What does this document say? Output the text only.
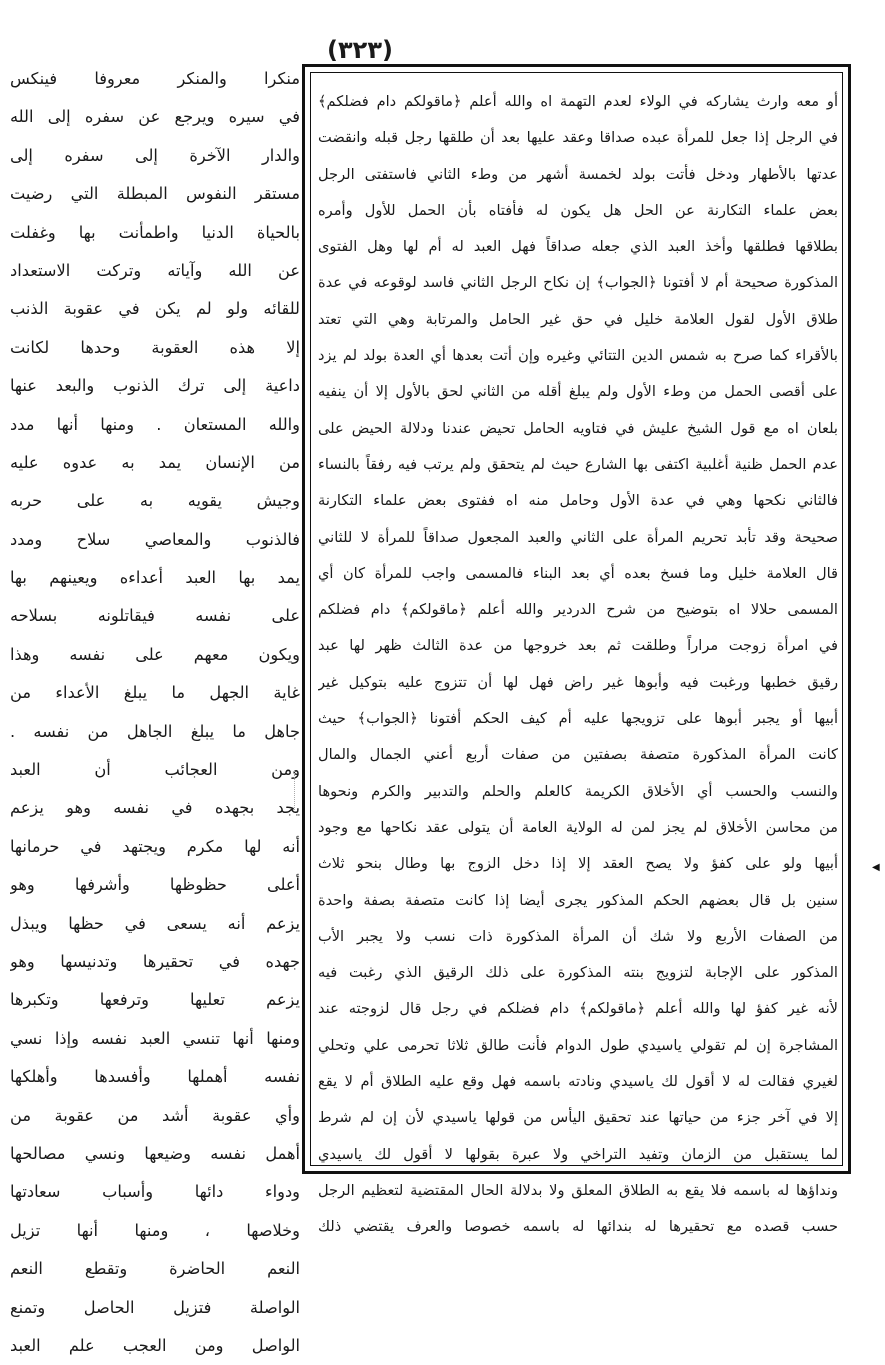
(٣٢٣)
أو معه وارث يشاركه في الولاء لعدم التهمة اه والله أعلم ﴿ماقولكم دام فضلكم﴾
في الرجل إذا جعل للمرأة عبده صداقا وعقد عليها بعد أن طلقها رجل قبله وانقضت
عدتها بالأطهار ودخل فأتت بولد لخمسة أشهر من وطء الثاني فاستفتى الرجل
بعض علماء التكارنة عن الحل هل يكون له فأفتاه بأن الحمل للأول وأمره
بطلاقها فطلقها وأخذ العبد الذي جعله صداقاً فهل العبد له أم لها وهل الفتوى
المذكورة صحيحة أم لا أفتونا ﴿الجواب﴾ إن نكاح الرجل الثاني فاسد لوقوعه في عدة
طلاق الأول لقول العلامة خليل في حق غير الحامل والمرتابة وهي التي تعتد
بالأقراء كما صرح به شمس الدين التتائي وغيره وإن أتت بعدها أي العدة بولد لم يزد
على أقصى الحمل من وطء الأول ولم يبلغ أقله من الثاني لحق بالأول إلا أن ينفيه
بلعان اه مع قول الشيخ عليش في فتاويه الحامل تحيض عندنا ودلالة الحيض على
عدم الحمل ظنية أغلبية اكتفى بها الشارع حيث لم يتحقق ولم يرتب فيه رفقاً بالنساء
فالثاني نكحها وهي في عدة الأول وحامل منه اه ففتوى بعض علماء التكارنة
صحيحة وقد تأبد تحريم المرأة على الثاني والعبد المجعول صداقاً للمرأة لا للثاني
قال العلامة خليل وما فسخ بعده أي بعد البناء فالمسمى واجب للمرأة كان أي
المسمى حلالا اه بتوضيح من شرح الدردير والله أعلم ﴿ماقولكم﴾ دام فضلكم
في امرأة زوجت مراراً وطلقت ثم بعد خروجها من عدة الثالث ظهر لها عبد
رقيق خطبها ورغبت فيه وأبوها غير راض فهل لها أن تتزوج عليه بتوكيل غير
أبيها أو يجبر أبوها على تزويجها عليه أم كيف الحكم أفتونا ﴿الجواب﴾ حيث
كانت المرأة المذكورة متصفة بصفتين من صفات أربع أعني الجمال والمال
والنسب والحسب أي الأخلاق الكريمة كالعلم والحلم والتدبير والكرم ونحوها
من محاسن الأخلاق لم يجز لمن له الولاية العامة أن يتولى عقد نكاحها مع وجود
أبيها ولو على كفؤ ولا يصح العقد إلا إذا دخل الزوج بها وطال بنحو ثلاث
سنين بل قال بعضهم الحكم المذكور يجرى أيضا إذا كانت متصفة بصفة واحدة
من الصفات الأربع ولا شك أن المرأة المذكورة ذات نسب ولا يجبر الأب
المذكور على الإجابة لتزويج بنته المذكورة على ذلك الرقيق الذي رغبت فيه
لأنه غير كفؤ لها والله أعلم ﴿ماقولكم﴾ دام فضلكم في رجل قال لزوجته عند
المشاجرة إن لم تقولي ياسيدي طول الدوام فأنت طالق ثلاثا تحرمى علي وتحلي
لغيري فقالت له لا أقول لك ياسيدي ونادته باسمه فهل وقع عليه الطلاق أم لا يقع
إلا في آخر جزء من حياتها عند تحقيق اليأس من قولها ياسيدي لأن إن لم شرط
لما يستقبل من الزمان وتفيد التراخي ولا عبرة بقولها لا أقول لك ياسيدي
ونداؤها له باسمه فلا يقع به الطلاق المعلق ولا بدلالة الحال المقتضية لتعظيم الرجل
حسب قصده مع تحقيرها له بندائها له باسمه خصوصا والعرف يقتضي ذلك
منكرا والمنكر معروفا فينكس
في سيره ويرجع عن سفره إلى الله
والدار الآخرة إلى سفره إلى
مستقر النفوس المبطلة التي رضيت
بالحياة الدنيا واطمأنت بها وغفلت
عن الله وآياته وتركت الاستعداد
للقائه ولو لم يكن في عقوبة الذنب
إلا هذه العقوبة وحدها لكانت
داعية إلى ترك الذنوب والبعد عنها
والله المستعان . ومنها أنها مدد
من الإنسان يمد به عدوه عليه
وجيش يقويه به على حربه
فالذنوب والمعاصي سلاح ومدد
يمد بها العبد أعداءه ويعينهم بها
على نفسه فيقاتلونه بسلاحه
ويكون معهم على نفسه وهذا
غاية الجهل ما يبلغ الأعداء من
جاهل ما يبلغ الجاهل من نفسه .
ومن العجائب أن العبد
يجد بجهده في نفسه وهو يزعم
أنه لها مكرم ويجتهد في حرمانها
أعلى حظوظها وأشرفها وهو
يزعم أنه يسعى في حظها ويبذل
جهده في تحقيرها وتدنيسها وهو
يزعم تعليها وترفعها وتكبرها
ومنها أنها تنسي العبد نفسه وإذا نسي
نفسه أهملها وأفسدها وأهلكها
وأي عقوبة أشد من عقوبة من
أهمل نفسه وضيعها ونسي مصالحها
ودواء دائها وأسباب سعادتها
وخلاصها ، ومنها أنها تزيل
النعم الحاضرة وتقطع النعم
الواصلة فتزيل الحاصل وتمنع
الواصل ومن العجب علم العبد
◀
